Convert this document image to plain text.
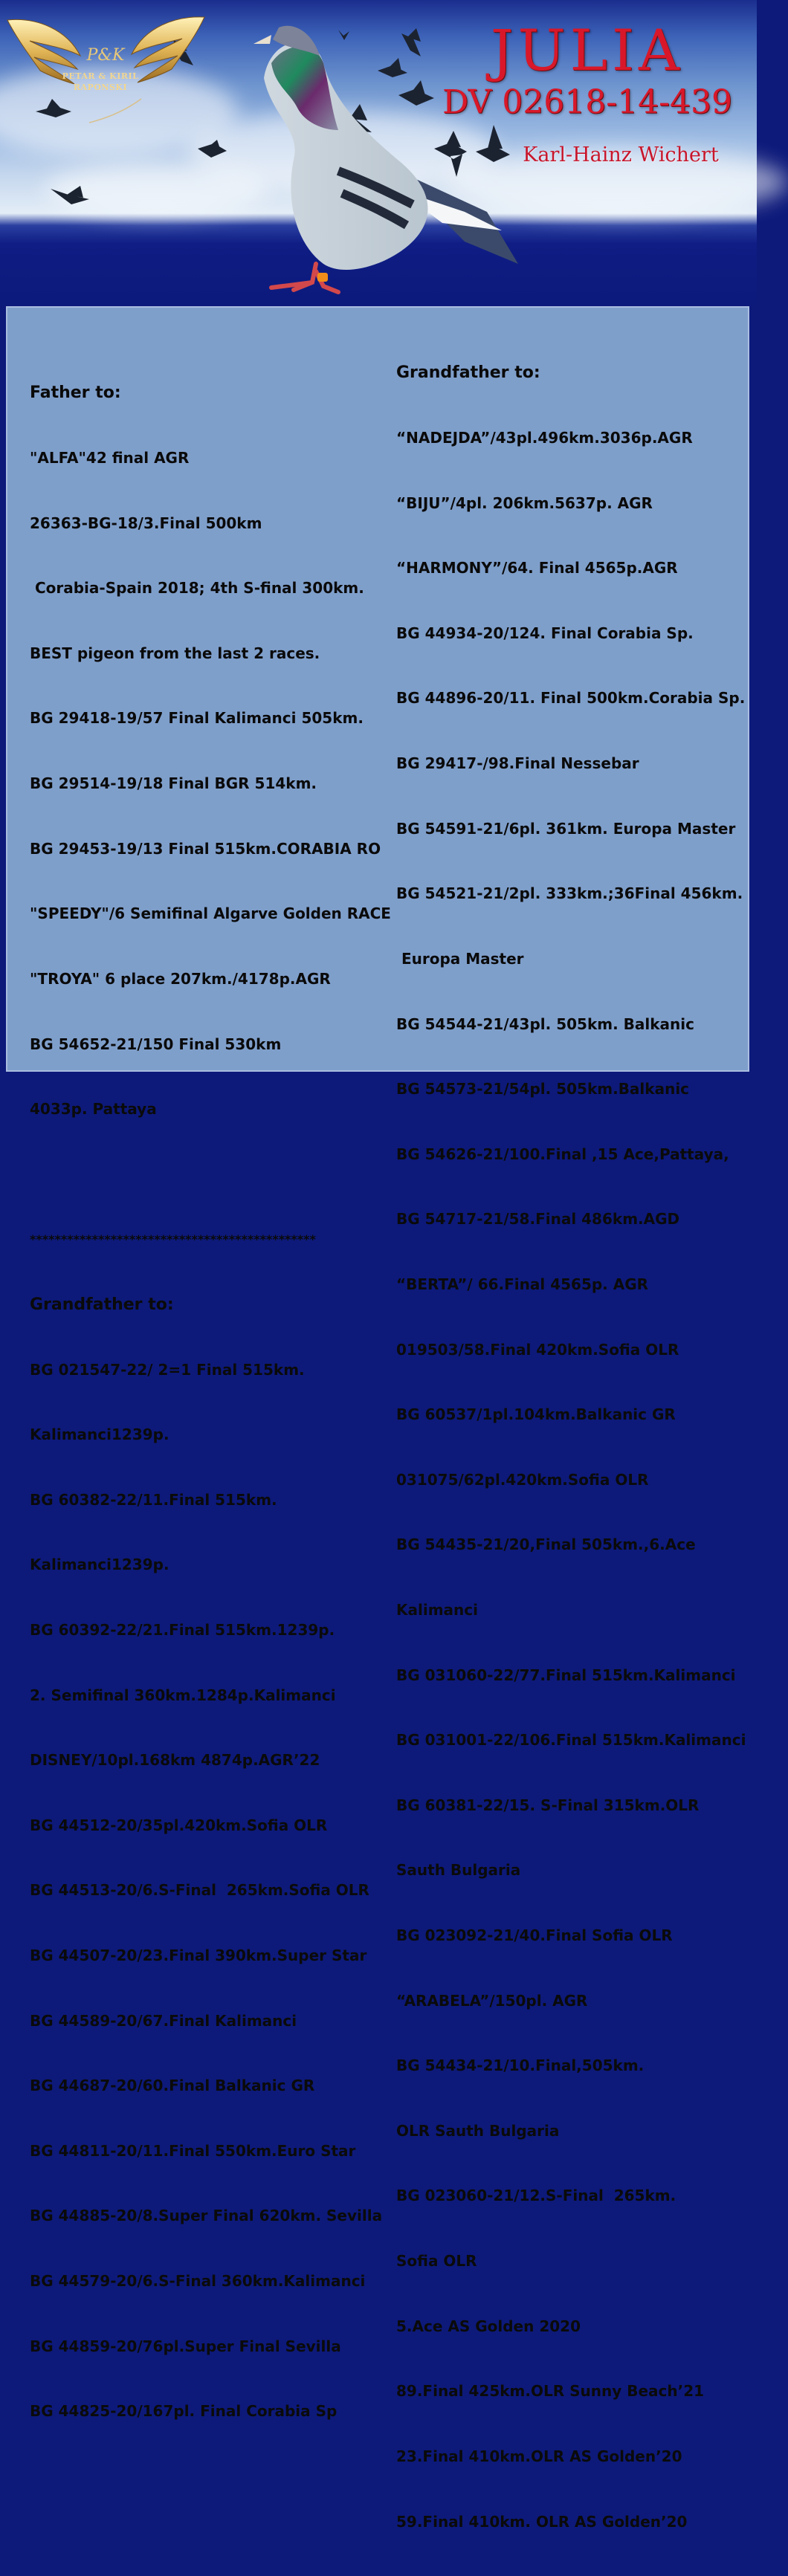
P&K
PETAR & KIRIL
RAPONSKI
JULIA
DV 02618-14-439
Karl-Hainz Wichert

Father to:

"ALFA"42 final AGR

26363-BG-18/3.Final 500km

Corabia-Spain 2018; 4th S-final 300km.

BEST pigeon from the last 2 races.

BG 29418-19/57 Final Kalimanci 505km.

BG 29514-19/18 Final BGR 514km.

BG 29453-19/13 Final 515km.CORABIA RO

"SPEEDY"/6 Semifinal Algarve Golden RACE

"TROYA" 6 place 207km./4178p.AGR

BG 54652-21/150 Final 530km

4033p. Pattaya

**********************************************

Grandfather to:

BG 021547-22/ 2=1 Final 515km.

Kalimanci1239p.

BG 60382-22/11.Final 515km.

Kalimanci1239p.

BG 60392-22/21.Final 515km.1239p.

2. Semifinal 360km.1284p.Kalimanci

DISNEY/10pl.168km 4874p.AGR’22

BG 44512-20/35pl.420km.Sofia OLR

BG 44513-20/6.S-Final  265km.Sofia OLR

BG 44507-20/23.Final 390km.Super Star

BG 44589-20/67.Final Kalimanci

BG 44687-20/60.Final Balkanic GR

BG 44811-20/11.Final 550km.Euro Star

BG 44885-20/8.Super Final 620km. Sevilla

BG 44579-20/6.S-Final 360km.Kalimanci

BG 44859-20/76pl.Super Final Sevilla

BG 44825-20/167pl. Final Corabia Sp

Grandfather to:

“NADEJDA”/43pl.496km.3036p.AGR

“BIJU”/4pl. 206km.5637p. AGR

“HARMONY”/64. Final 4565p.AGR

BG 44934-20/124. Final Corabia Sp.

BG 44896-20/11. Final 500km.Corabia Sp.

BG 29417-/98.Final Nessebar

BG 54591-21/6pl. 361km. Europa Master

BG 54521-21/2pl. 333km.;36Final 456km.

Europa Master

BG 54544-21/43pl. 505km. Balkanic

BG 54573-21/54pl. 505km.Balkanic

BG 54626-21/100.Final ,15 Ace,Pattaya,

BG 54717-21/58.Final 486km.AGD

“BERTA”/ 66.Final 4565p. AGR

019503/58.Final 420km.Sofia OLR

BG 60537/1pl.104km.Balkanic GR

031075/62pl.420km.Sofia OLR

BG 54435-21/20,Final 505km.,6.Ace

Kalimanci

BG 031060-22/77.Final 515km.Kalimanci

BG 031001-22/106.Final 515km.Kalimanci

BG 60381-22/15. S-Final 315km.OLR

Sauth Bulgaria

BG 023092-21/40.Final Sofia OLR

“ARABELA”/150pl. AGR

BG 54434-21/10.Final,505km.

OLR Sauth Bulgaria

BG 023060-21/12.S-Final  265km.

Sofia OLR

5.Ace AS Golden 2020

89.Final 425km.OLR Sunny Beach’21

23.Final 410km.OLR AS Golden’20

59.Final 410km. OLR AS Golden’20
